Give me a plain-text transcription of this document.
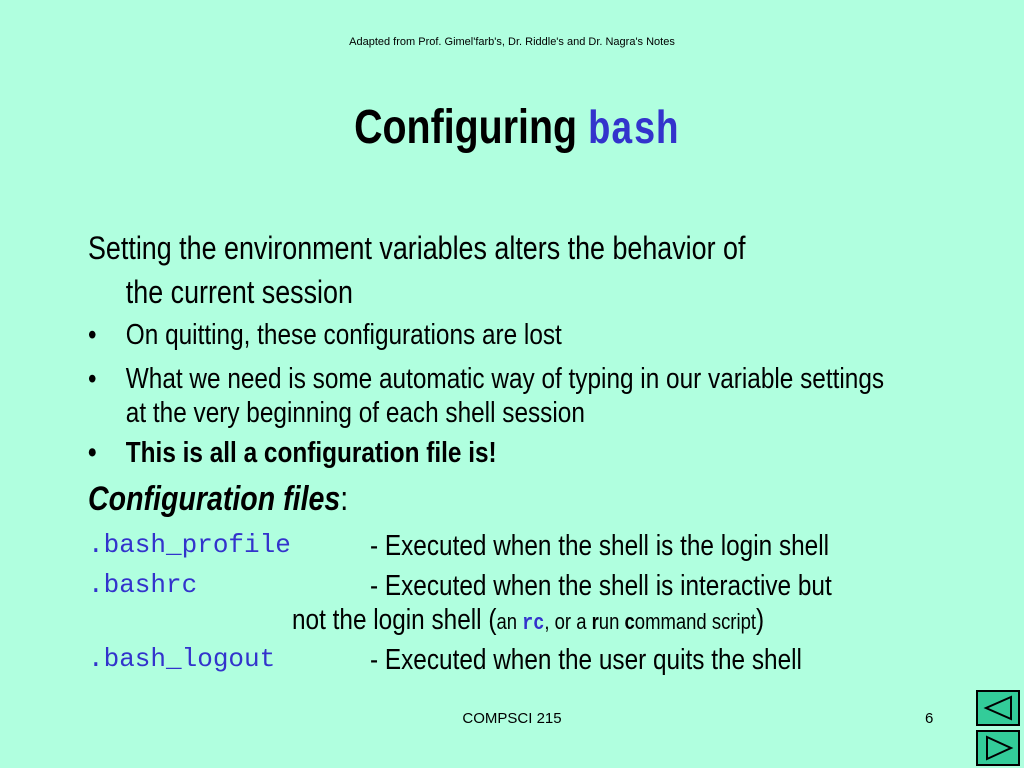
Adapted from Prof. Gimel'farb's, Dr. Riddle's and Dr. Nagra's Notes
Configuring bash
Setting the environment variables alters the behavior of
the current session
• On quitting, these configurations are lost
• What we need is some automatic way of typing in our variable settings at the very beginning of each shell session
• This is all a configuration file is!
Configuration files:
.bash_profile	- Executed when the shell is the login shell
.bashrc	- Executed when the shell is interactive but
not the login shell (an rc, or a run command script)
.bash_logout	- Executed when the user quits the shell
COMPSCI 215	6
